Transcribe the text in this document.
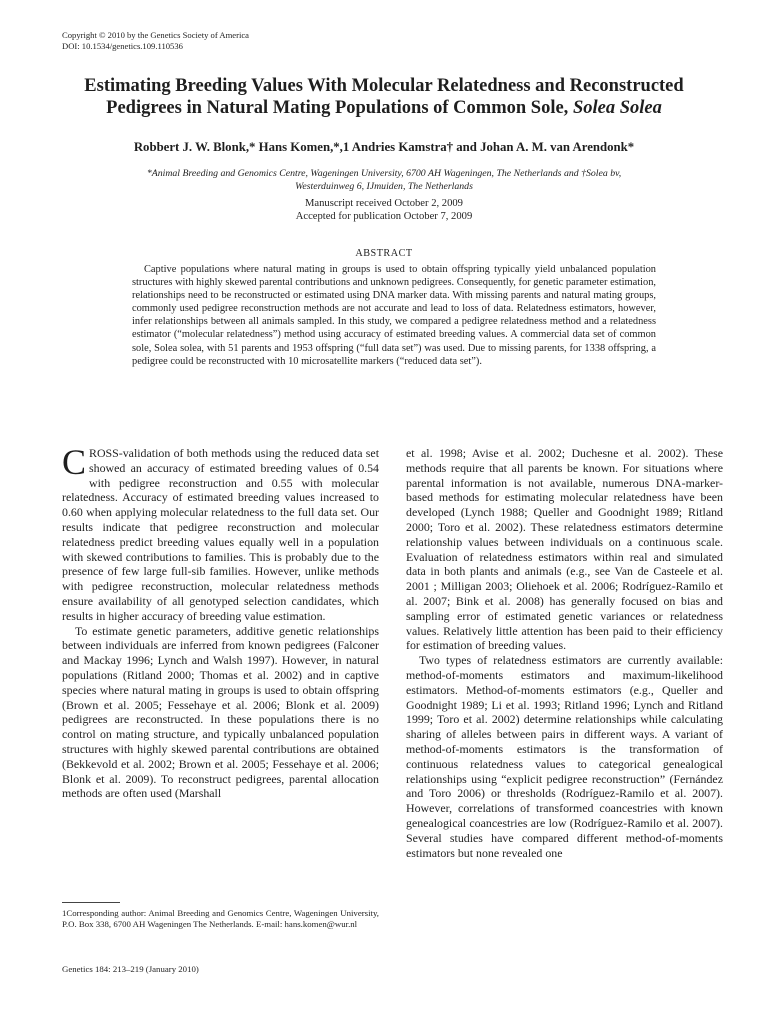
Copyright © 2010 by the Genetics Society of America
DOI: 10.1534/genetics.109.110536
Estimating Breeding Values With Molecular Relatedness and Reconstructed
Pedigrees in Natural Mating Populations of Common Sole, Solea Solea
Robbert J. W. Blonk,* Hans Komen,*,1 Andries Kamstra† and Johan A. M. van Arendonk*
*Animal Breeding and Genomics Centre, Wageningen University, 6700 AH Wageningen, The Netherlands and †Solea bv,
Westerduinweg 6, IJmuiden, The Netherlands
Manuscript received October 2, 2009
Accepted for publication October 7, 2009
ABSTRACT
Captive populations where natural mating in groups is used to obtain offspring typically yield unbalanced population structures with highly skewed parental contributions and unknown pedigrees. Consequently, for genetic parameter estimation, relationships need to be reconstructed or estimated using DNA marker data. With missing parents and natural mating groups, commonly used pedigree reconstruction methods are not accurate and lead to loss of data. Relatedness estimators, however, infer relationships between all animals sampled. In this study, we compared a pedigree relatedness method and a relatedness estimator (“molecular relatedness”) method using accuracy of estimated breeding values. A commercial data set of common sole, Solea solea, with 51 parents and 1953 offspring (“full data set”) was used. Due to missing parents, for 1338 offspring, a pedigree could be reconstructed with 10 microsatellite markers (“reduced data set”).

CROSS-validation of both methods using the reduced data set showed an accuracy of estimated breeding values of 0.54 with pedigree reconstruction and 0.55 with molecular relatedness. Accuracy of estimated breeding values increased to 0.60 when applying molecular relatedness to the full data set. Our results indicate that pedigree reconstruction and molecular relatedness predict breeding values equally well in a population with skewed contributions to families. This is probably due to the presence of few large full-sib families. However, unlike methods with pedigree reconstruction, molecular relatedness methods ensure availability of all genotyped selection candidates, which results in higher accuracy of breeding value estimation.

To estimate genetic parameters, additive genetic relationships between individuals are inferred from known pedigrees (Falconer and Mackay 1996; Lynch and Walsh 1997). However, in natural populations (Ritland 2000; Thomas et al. 2002) and in captive species where natural mating in groups is used to obtain offspring (Brown et al. 2005; Fessehaye et al. 2006; Blonk et al. 2009) pedigrees are reconstructed. In these populations there is no control on mating structure, and typically unbalanced population structures with highly skewed parental contributions are obtained (Bekkevold et al. 2002; Brown et al. 2005; Fessehaye et al. 2006; Blonk et al. 2009). To reconstruct pedigrees, parental allocation methods are often used (Marshall

et al. 1998; Avise et al. 2002; Duchesne et al. 2002). These methods require that all parents be known. For situations where parental information is not available, numerous DNA-marker-based methods for estimating molecular relatedness have been developed (Lynch 1988; Queller and Goodnight 1989; Ritland 2000; Toro et al. 2002). These relatedness estimators determine relationship values between individuals on a continuous scale. Evaluation of relatedness estimators within real and simulated data in both plants and animals (e.g., see Van de Casteele et al. 2001 ; Milligan 2003; Oliehoek et al. 2006; Rodríguez-Ramilo et al. 2007; Bink et al. 2008) has generally focused on bias and sampling error of estimated genetic variances or relatedness values. Relatively little attention has been paid to their efficiency for estimation of breeding values.

Two types of relatedness estimators are currently available: method-of-moments estimators and maximum-likelihood estimators. Method-of-moments estimators (e.g., Queller and Goodnight 1989; Li et al. 1993; Ritland 1996; Lynch and Ritland 1999; Toro et al. 2002) determine relationships while calculating sharing of alleles between pairs in different ways. A variant of method-of-moments estimators is the transformation of continuous relatedness values to categorical genealogical relationships using “explicit pedigree reconstruction” (Fernández and Toro 2006) or thresholds (Rodríguez-Ramilo et al. 2007). However, correlations of transformed coancestries with known genealogical coancestries are low (Rodríguez-Ramilo et al. 2007). Several studies have compared different method-of-moments estimators but none revealed one

1Corresponding author: Animal Breeding and Genomics Centre, Wageningen University, P.O. Box 338, 6700 AH Wageningen The Netherlands. E-mail: hans.komen@wur.nl
Genetics 184: 213–219 (January 2010)
